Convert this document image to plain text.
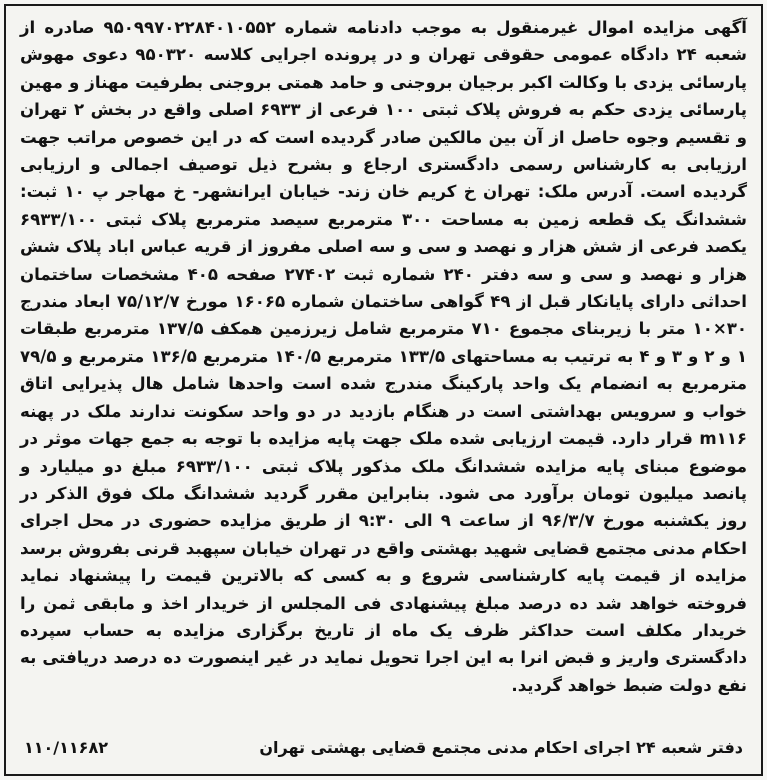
آگهی مزایده اموال غیرمنقول به موجب دادنامه شماره ۹۵۰۹۹۷۰۲۲۸۴۰۱۰۵۵۲ صادره از شعبه ۲۴ دادگاه عمومی حقوقی تهران و در پرونده اجرایی کلاسه ۹۵۰۳۲۰ دعوی مهوش پارسائی یزدی با وکالت اکبر برجیان بروجنی و حامد همتی بروجنی بطرفیت مهناز و مهین پارسائی یزدی حکم به فروش پلاک ثبتی ۱۰۰ فرعی از ۶۹۳۳ اصلی واقع در بخش ۲ تهران و تقسیم وجوه حاصل از آن بین مالکین صادر گردیده است که در این خصوص مراتب جهت ارزیابی به کارشناس رسمی دادگستری ارجاع و بشرح ذیل توصیف اجمالی و ارزیابی گردیده است. آدرس ملک: تهران خ کریم خان زند- خیابان ایرانشهر- خ مهاجر پ ۱۰ ثبت: ششدانگ یک قطعه زمین به مساحت ۳۰۰ مترمربع سیصد مترمربع پلاک ثبتی ۶۹۳۳/۱۰۰ یکصد فرعی از شش هزار و نهصد و سی و سه اصلی مفروز از قریه عباس اباد پلاک شش هزار و نهصد و سی و سه دفتر ۲۴۰ شماره ثبت ۲۷۴۰۲ صفحه ۴۰۵ مشخصات ساختمان احداثی دارای پایانکار قبل از ۴۹ گواهی ساختمان شماره ۱۶۰۶۵ مورخ ۷۵/۱۲/۷ ابعاد مندرج ۳۰×۱۰ متر با زیربنای مجموع ۷۱۰ مترمربع شامل زیرزمین همکف ۱۳۷/۵ مترمربع طبقات ۱ و ۲ و ۳ و ۴ به ترتیب به مساحتهای ۱۳۳/۵ مترمربع ۱۴۰/۵ مترمربع ۱۳۶/۵ مترمربع و ۷۹/۵ مترمربع به انضمام یک واحد پارکینگ مندرج شده است واحدها شامل هال پذیرایی اتاق خواب و سرویس بهداشتی است در هنگام بازدید در دو واحد سکونت ندارند ملک در پهنه m۱۱۶ قرار دارد. قیمت ارزیابی شده ملک جهت پایه مزایده با توجه به جمع جهات موثر در موضوع مبنای پایه مزایده ششدانگ ملک مذکور پلاک ثبتی ۶۹۳۳/۱۰۰ مبلغ دو میلیارد و پانصد میلیون تومان برآورد می شود. بنابراین مقرر گردید ششدانگ ملک فوق الذکر در روز یکشنبه مورخ ۹۶/۳/۷ از ساعت ۹ الی ۹:۳۰ از طریق مزایده حضوری در محل اجرای احکام مدنی مجتمع قضایی شهید بهشتی واقع در تهران خیابان سپهبد قرنی بفروش برسد مزایده از قیمت پایه کارشناسی شروع و به کسی که بالاترین قیمت را پیشنهاد نماید فروخته خواهد شد ده درصد مبلغ پیشنهادی فی المجلس از خریدار اخذ و مابقی ثمن را خریدار مکلف است حداکثر ظرف یک ماه از تاریخ برگزاری مزایده به حساب سپرده دادگستری واریز و قبض انرا به این اجرا تحویل نماید در غیر اینصورت ده درصد دریافتی به نفع دولت ضبط خواهد گردید.

دفتر شعبه ۲۴ اجرای احکام مدنی مجتمع قضایی بهشتی تهران
۱۱۰/۱۱۶۸۲
